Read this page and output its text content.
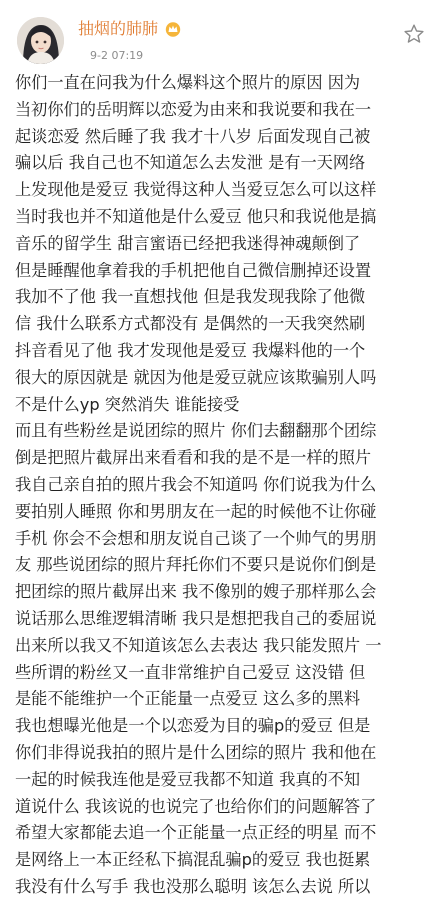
抽烟的肺肺
9-2 07:19
你们一直在问我为什么爆料这个照片的原因 因为
当初你们的岳明辉以恋爱为由来和我说要和我在一
起谈恋爱 然后睡了我 我才十八岁 后面发现自己被
骗以后 我自己也不知道怎么去发泄 是有一天网络
上发现他是爱豆 我觉得这种人当爱豆怎么可以这样
当时我也并不知道他是什么爱豆 他只和我说他是搞
音乐的留学生 甜言蜜语已经把我迷得神魂颠倒了
但是睡醒他拿着我的手机把他自己微信删掉还设置
我加不了他 我一直想找他 但是我发现我除了他微
信 我什么联系方式都没有 是偶然的一天我突然刷
抖音看见了他 我才发现他是爱豆 我爆料他的一个
很大的原因就是 就因为他是爱豆就应该欺骗别人吗
不是什么yp 突然消失 谁能接受
而且有些粉丝是说团综的照片 你们去翻翻那个团综
倒是把照片截屏出来看看和我的是不是一样的照片
我自己亲自拍的照片我会不知道吗 你们说我为什么
要拍别人睡照 你和男朋友在一起的时候他不让你碰
手机 你会不会想和朋友说自己谈了一个帅气的男朋
友 那些说团综的照片拜托你们不要只是说你们倒是
把团综的照片截屏出来 我不像别的嫂子那样那么会
说话那么思维逻辑清晰 我只是想把我自己的委屈说
出来所以我又不知道该怎么去表达 我只能发照片 一
些所谓的粉丝又一直非常维护自己爱豆 这没错 但
是能不能维护一个正能量一点爱豆 这么多的黑料
我也想曝光他是一个以恋爱为目的骗p的爱豆 但是
你们非得说我拍的照片是什么团综的照片 我和他在
一起的时候我连他是爱豆我都不知道 我真的不知
道说什么 我该说的也说完了也给你们的问题解答了
希望大家都能去追一个正能量一点正经的明星 而不
是网络上一本正经私下搞混乱骗p的爱豆 我也挺累
我没有什么写手 我也没那么聪明 该怎么去说 所以
